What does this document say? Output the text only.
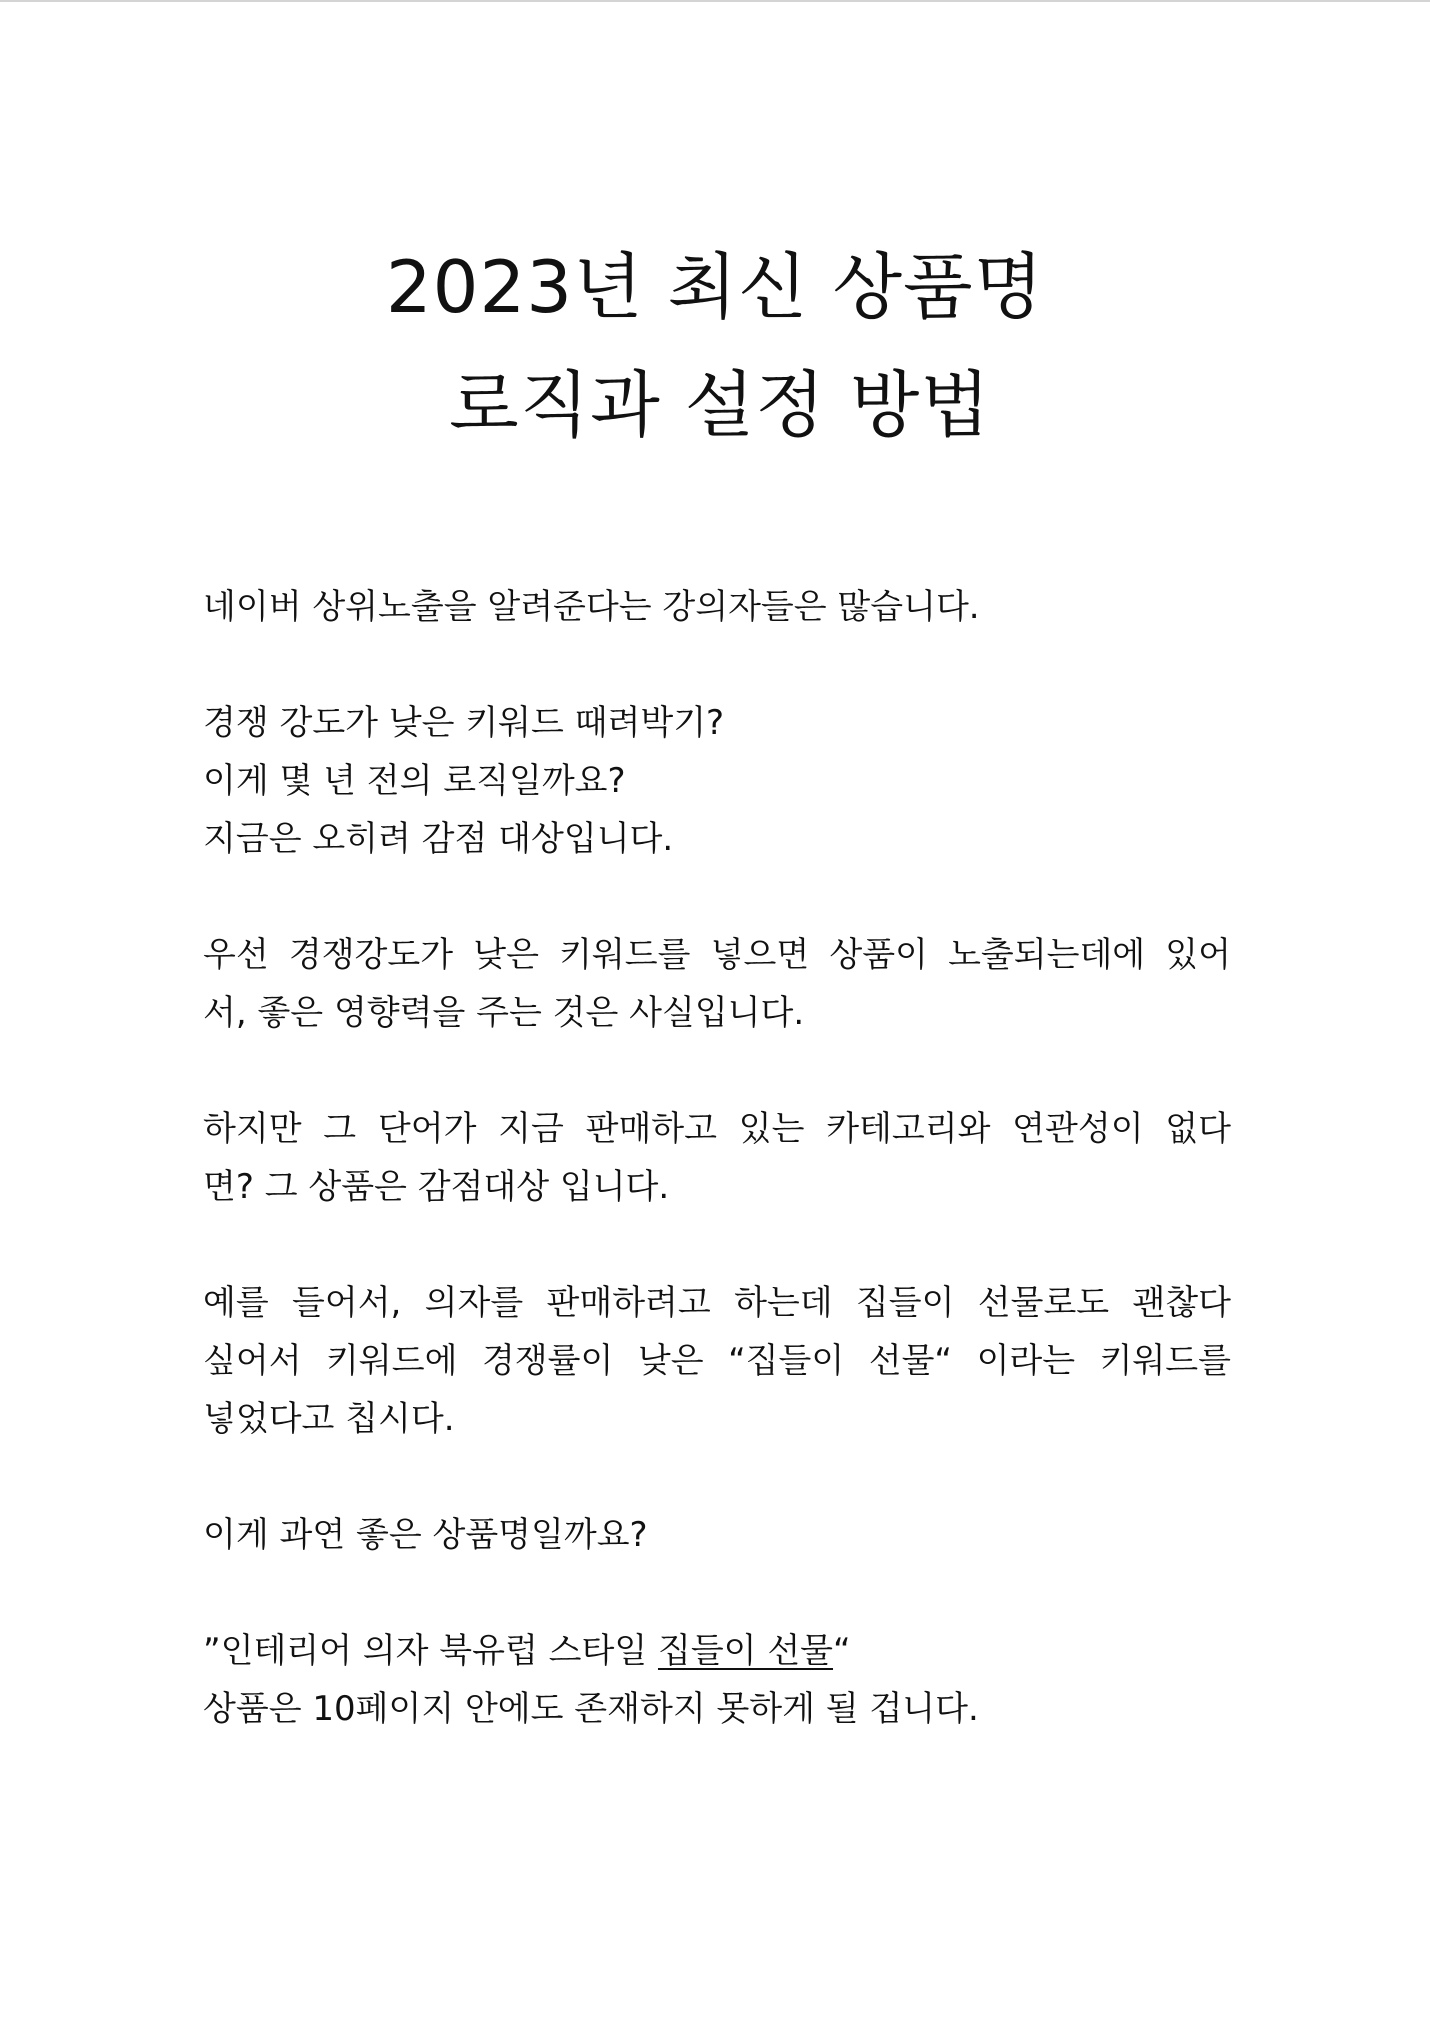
2023년 최신 상품명
로직과 설정 방법

네이버 상위노출을 알려준다는 강의자들은 많습니다.

경쟁 강도가 낮은 키워드 때려박기?
이게 몇 년 전의 로직일까요?
지금은 오히려 감점 대상입니다.

우선 경쟁강도가 낮은 키워드를 넣으면 상품이 노출되는데에 있어
서, 좋은 영향력을 주는 것은 사실입니다.

하지만 그 단어가 지금 판매하고 있는 카테고리와 연관성이 없다
면? 그 상품은 감점대상 입니다.

예를 들어서, 의자를 판매하려고 하는데 집들이 선물로도 괜찮다
싶어서 키워드에 경쟁률이 낮은 “집들이 선물“ 이라는 키워드를
넣었다고 칩시다.

이게 과연 좋은 상품명일까요?

”인테리어 의자 북유럽 스타일 집들이 선물“
상품은 10페이지 안에도 존재하지 못하게 될 겁니다.
